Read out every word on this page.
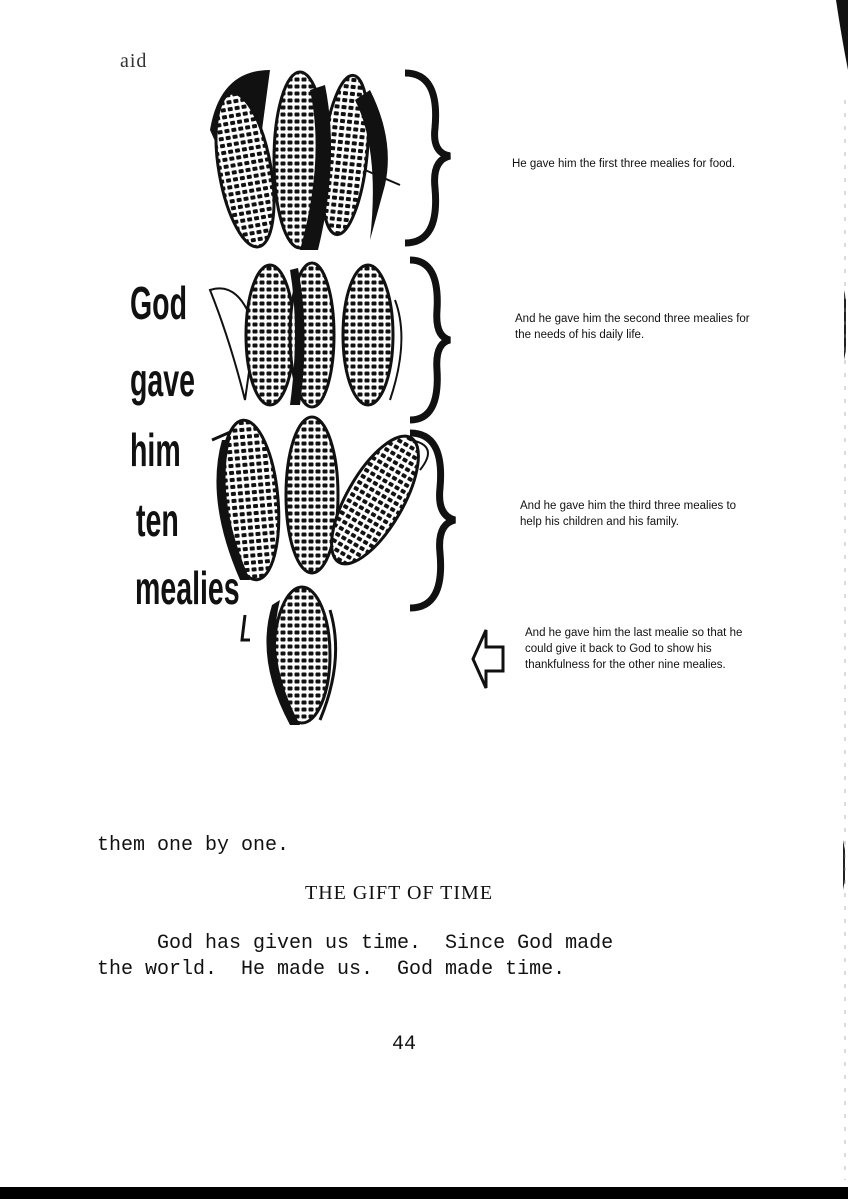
aid
God
gave
him
ten
mealies
He gave him the first three mealies for food.
And he gave him the second three mealies for the needs of his daily life.
And he gave him the third three mealies to help his children and his family.
And he gave him the last mealie so that he could give it back to God to show his thankfulness for the other nine mealies.
them one by one.
THE GIFT OF TIME
God has given us time.  Since God made
the world.  He made us.  God made time.
44
